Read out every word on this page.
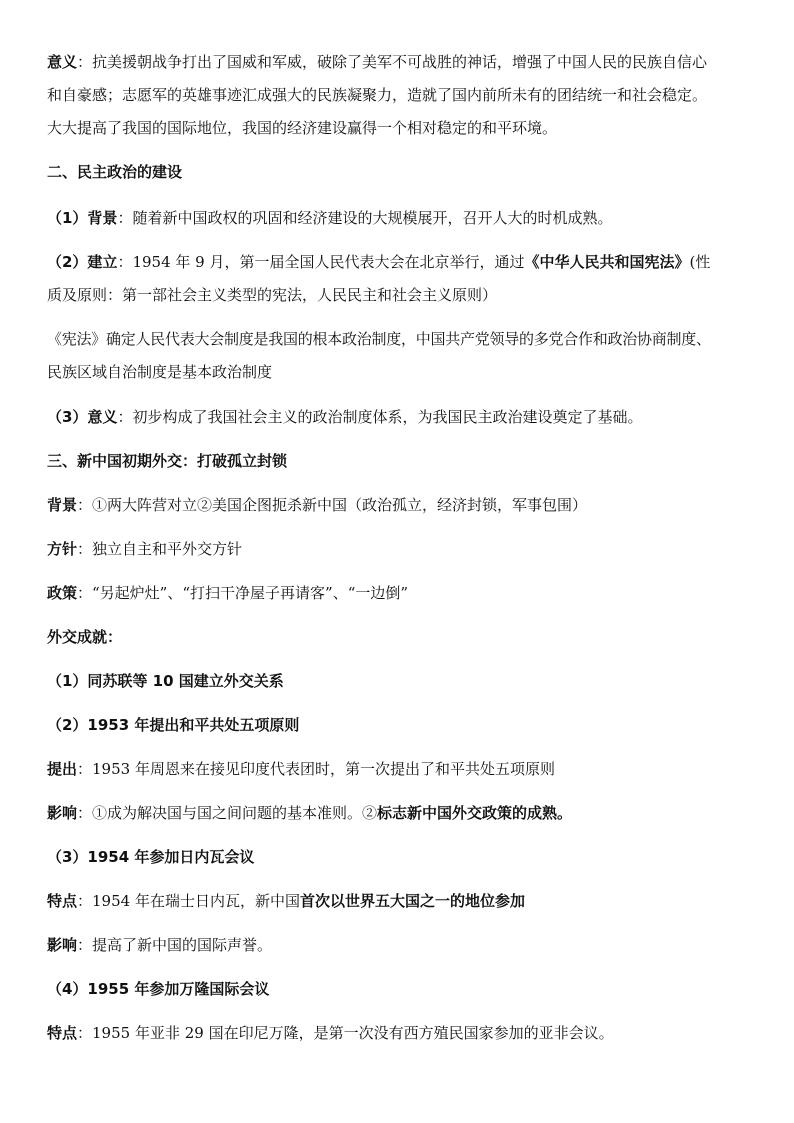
意义：抗美援朝战争打出了国威和军威，破除了美军不可战胜的神话，增强了中国人民的民族自信心
和自豪感；志愿军的英雄事迹汇成强大的民族凝聚力，造就了国内前所未有的团结统一和社会稳定。
大大提高了我国的国际地位，我国的经济建设赢得一个相对稳定的和平环境。
二、民主政治的建设
（1）背景：随着新中国政权的巩固和经济建设的大规模展开，召开人大的时机成熟。
（2）建立：1954 年 9 月，第一届全国人民代表大会在北京举行，通过《中华人民共和国宪法》(性
质及原则：第一部社会主义类型的宪法，人民民主和社会主义原则）
《宪法》确定人民代表大会制度是我国的根本政治制度，中国共产党领导的多党合作和政治协商制度、
民族区域自治制度是基本政治制度
（3）意义：初步构成了我国社会主义的政治制度体系，为我国民主政治建设奠定了基础。
三、新中国初期外交：打破孤立封锁
背景：①两大阵营对立②美国企图扼杀新中国（政治孤立，经济封锁，军事包围）
方针：独立自主和平外交方针
政策：“另起炉灶”、“打扫干净屋子再请客”、“一边倒”
外交成就：
（1）同苏联等 10 国建立外交关系
（2）1953 年提出和平共处五项原则
提出：1953 年周恩来在接见印度代表团时，第一次提出了和平共处五项原则
影响：①成为解决国与国之间问题的基本准则。②标志新中国外交政策的成熟。
（3）1954 年参加日内瓦会议
特点：1954 年在瑞士日内瓦，新中国首次以世界五大国之一的地位参加
影响：提高了新中国的国际声誉。
（4）1955 年参加万隆国际会议
特点：1955 年亚非 29 国在印尼万隆，是第一次没有西方殖民国家参加的亚非会议。
